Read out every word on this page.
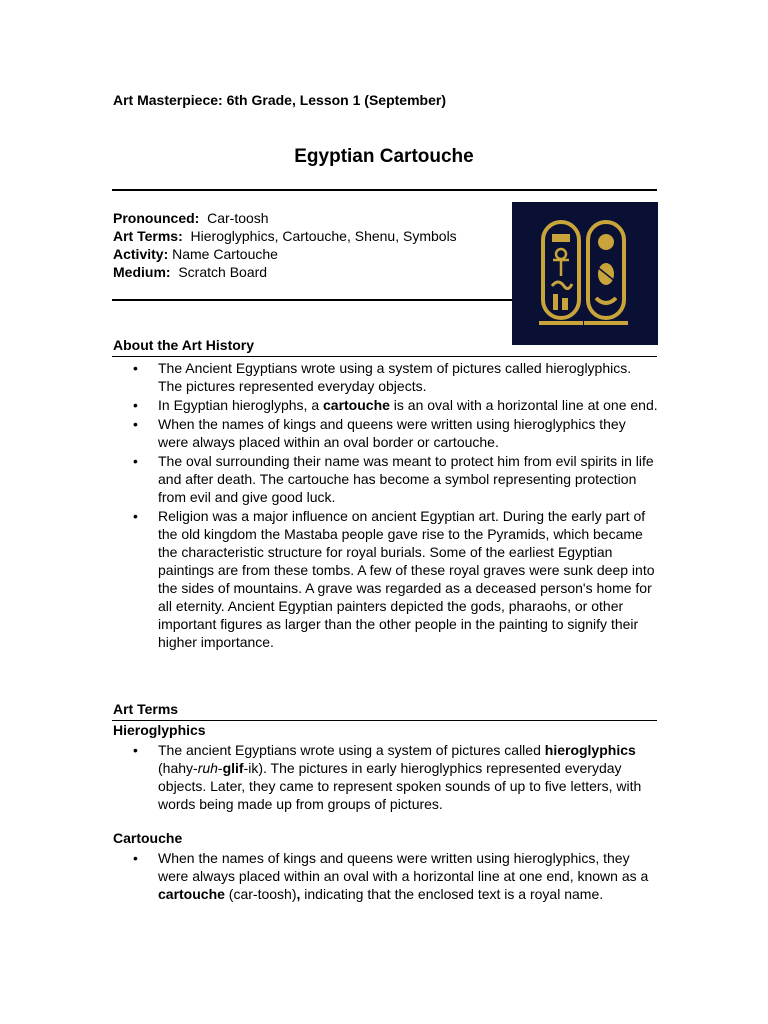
Art Masterpiece: 6th Grade, Lesson 1 (September)
Egyptian Cartouche
Pronounced: Car-toosh
Art Terms: Hieroglyphics, Cartouche, Shenu, Symbols
Activity: Name Cartouche
Medium: Scratch Board
About the Art History
• The Ancient Egyptians wrote using a system of pictures called hieroglyphics. The pictures represented everyday objects.
• In Egyptian hieroglyphs, a cartouche is an oval with a horizontal line at one end.
• When the names of kings and queens were written using hieroglyphics they were always placed within an oval border or cartouche.
• The oval surrounding their name was meant to protect him from evil spirits in life and after death. The cartouche has become a symbol representing protection from evil and give good luck.
• Religion was a major influence on ancient Egyptian art. During the early part of the old kingdom the Mastaba people gave rise to the Pyramids, which became the characteristic structure for royal burials. Some of the earliest Egyptian paintings are from these tombs. A few of these royal graves were sunk deep into the sides of mountains. A grave was regarded as a deceased person's home for all eternity. Ancient Egyptian painters depicted the gods, pharaohs, or other important figures as larger than the other people in the painting to signify their higher importance.
Art Terms
Hieroglyphics
• The ancient Egyptians wrote using a system of pictures called hieroglyphics (hahy-ruh-glif-ik). The pictures in early hieroglyphics represented everyday objects. Later, they came to represent spoken sounds of up to five letters, with words being made up from groups of pictures.
Cartouche
• When the names of kings and queens were written using hieroglyphics, they were always placed within an oval with a horizontal line at one end, known as a cartouche (car-toosh), indicating that the enclosed text is a royal name.
